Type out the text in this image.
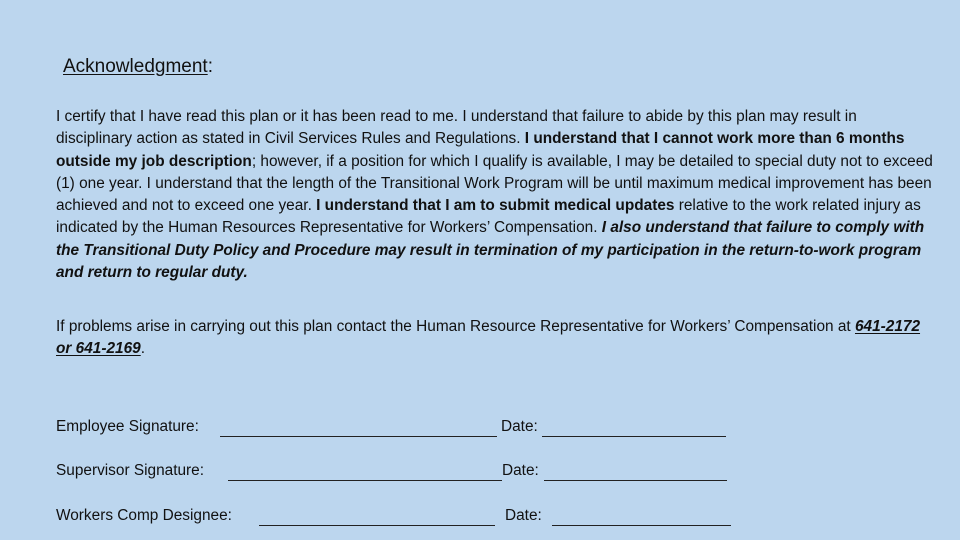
Acknowledgment:

I certify that I have read this plan or it has been read to me. I understand that failure to abide by this plan may result in disciplinary action as stated in Civil Services Rules and Regulations. I understand that I cannot work more than 6 months outside my job description; however, if a position for which I qualify is available, I may be detailed to special duty not to exceed (1) one year. I understand that the length of the Transitional Work Program will be until maximum medical improvement has been achieved and not to exceed one year. I understand that I am to submit medical updates relative to the work related injury as indicated by the Human Resources Representative for Workers’ Compensation. I also understand that failure to comply with the Transitional Duty Policy and Procedure may result in termination of my participation in the return-to-work program and return to regular duty.

If problems arise in carrying out this plan contact the Human Resource Representative for Workers’ Compensation at 641-2172 or 641-2169.

Employee Signature:	Date:
Supervisor Signature:	Date:
Workers Comp Designee:	Date:
